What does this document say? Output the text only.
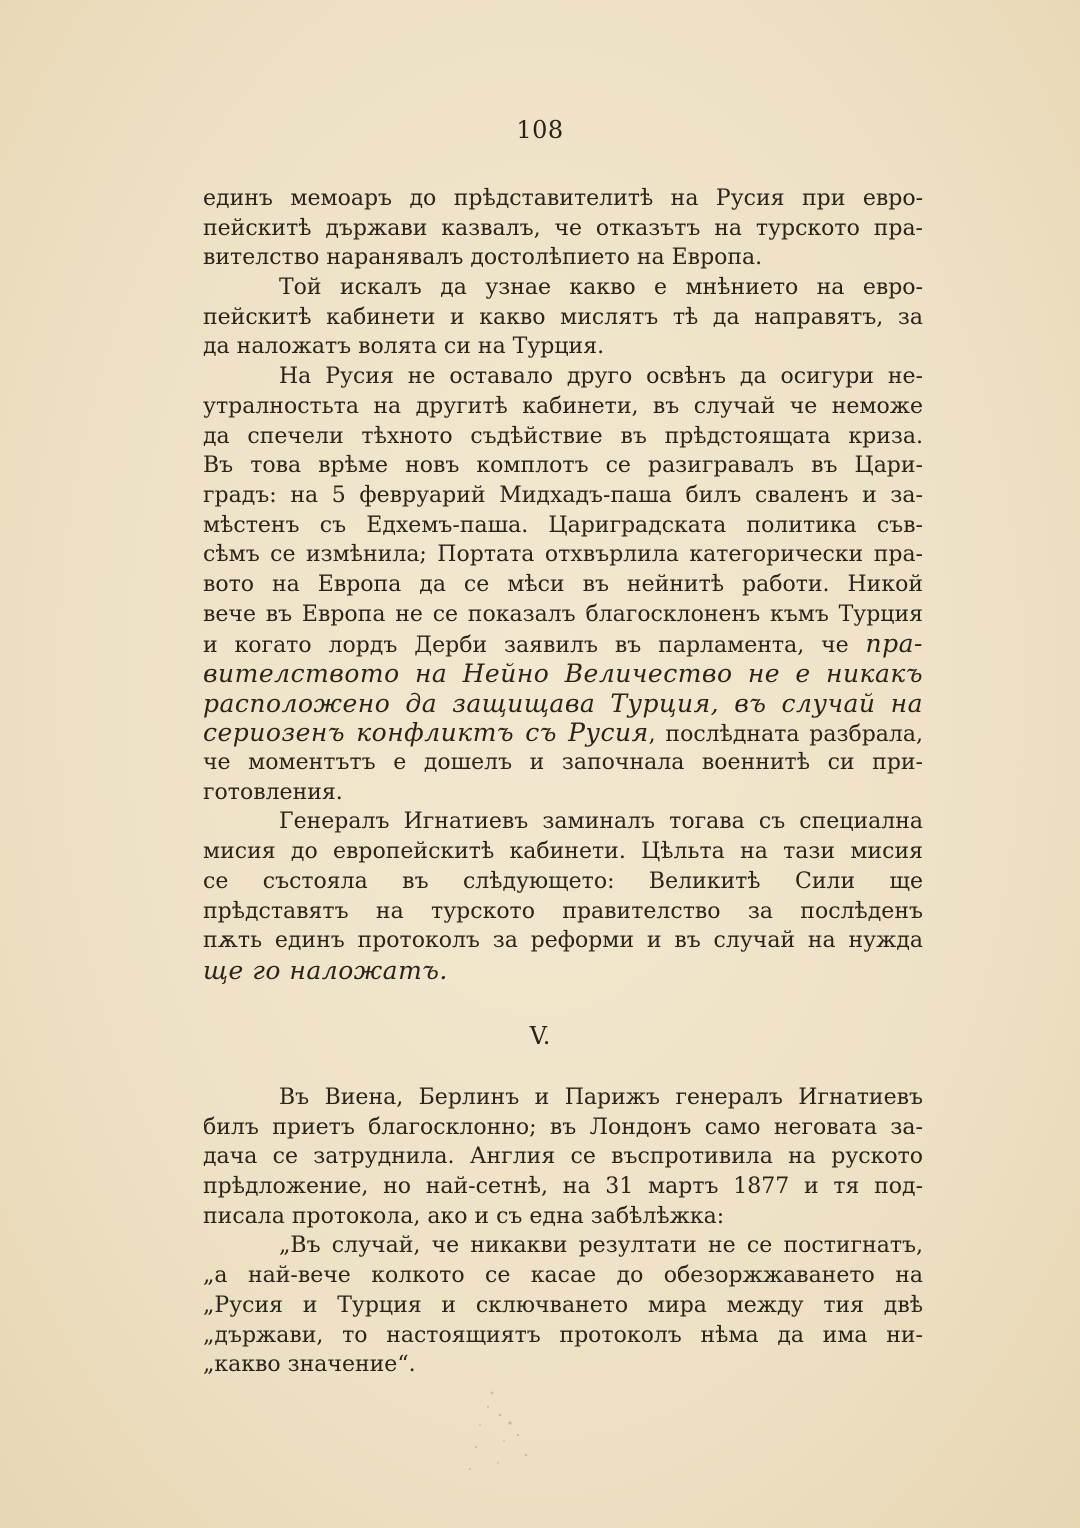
108
единъ мемоаръ до прѣдставителитѣ на Русия при евро-
пейскитѣ държави казвалъ, че отказътъ на турското пра-
вителство наранявалъ достолѣпието на Европа.
Той искалъ да узнае какво е мнѣнието на евро-
пейскитѣ кабинети и какво мислятъ тѣ да направятъ, за
да наложатъ волята си на Турция.
На Русия не оставало друго освѣнъ да осигури не-
утралностьта на другитѣ кабинети, въ случай че неможе
да спечели тѣхното съдѣйствие въ прѣдстоящата криза.
Въ това врѣме новъ комплотъ се разигравалъ въ Цари-
градъ: на 5 февруарий Мидхадъ-паша билъ сваленъ и за-
мѣстенъ съ Едхемъ-паша. Цариградската политика съв-
сѣмъ се измѣнила; Портата отхвърлила категорически пра-
вото на Европа да се мѣси въ нейнитѣ работи. Никой
вече въ Европа не се показалъ благосклоненъ къмъ Турция
и когато лордъ Дерби заявилъ въ парламента, че пра-
вителството на Нейно Величество не е никакъ
расположено да защищава Турция, въ случай на
сериозенъ конфликтъ съ Русия, послѣдната разбрала,
че моментътъ е дошелъ и започнала военнитѣ си при-
готовления.
Генералъ Игнатиевъ заминалъ тогава съ специална
мисия до европейскитѣ кабинети. Цѣльта на тази мисия
се състояла въ слѣдующето: Великитѣ Сили ще
прѣдставятъ на турското правителство за послѣденъ
пѫть единъ протоколъ за реформи и въ случай на нужда
ще го наложатъ.
V.
Въ Виена, Берлинъ и Парижъ генералъ Игнатиевъ
билъ приетъ благосклонно; въ Лондонъ само неговата за-
дача се затруднила. Англия се въспротивила на руското
прѣдложение, но най-сетнѣ, на 31 мартъ 1877 и тя под-
писала протокола, ако и съ една забѣлѣжка:
„Въ случай, че никакви резултати не се постигнатъ,
„а най-вече колкото се касае до обезоржжаването на
„Русия и Турция и сключването мира между тия двѣ
„държави, то настоящиятъ протоколъ нѣма да има ни-
„какво значение“.
